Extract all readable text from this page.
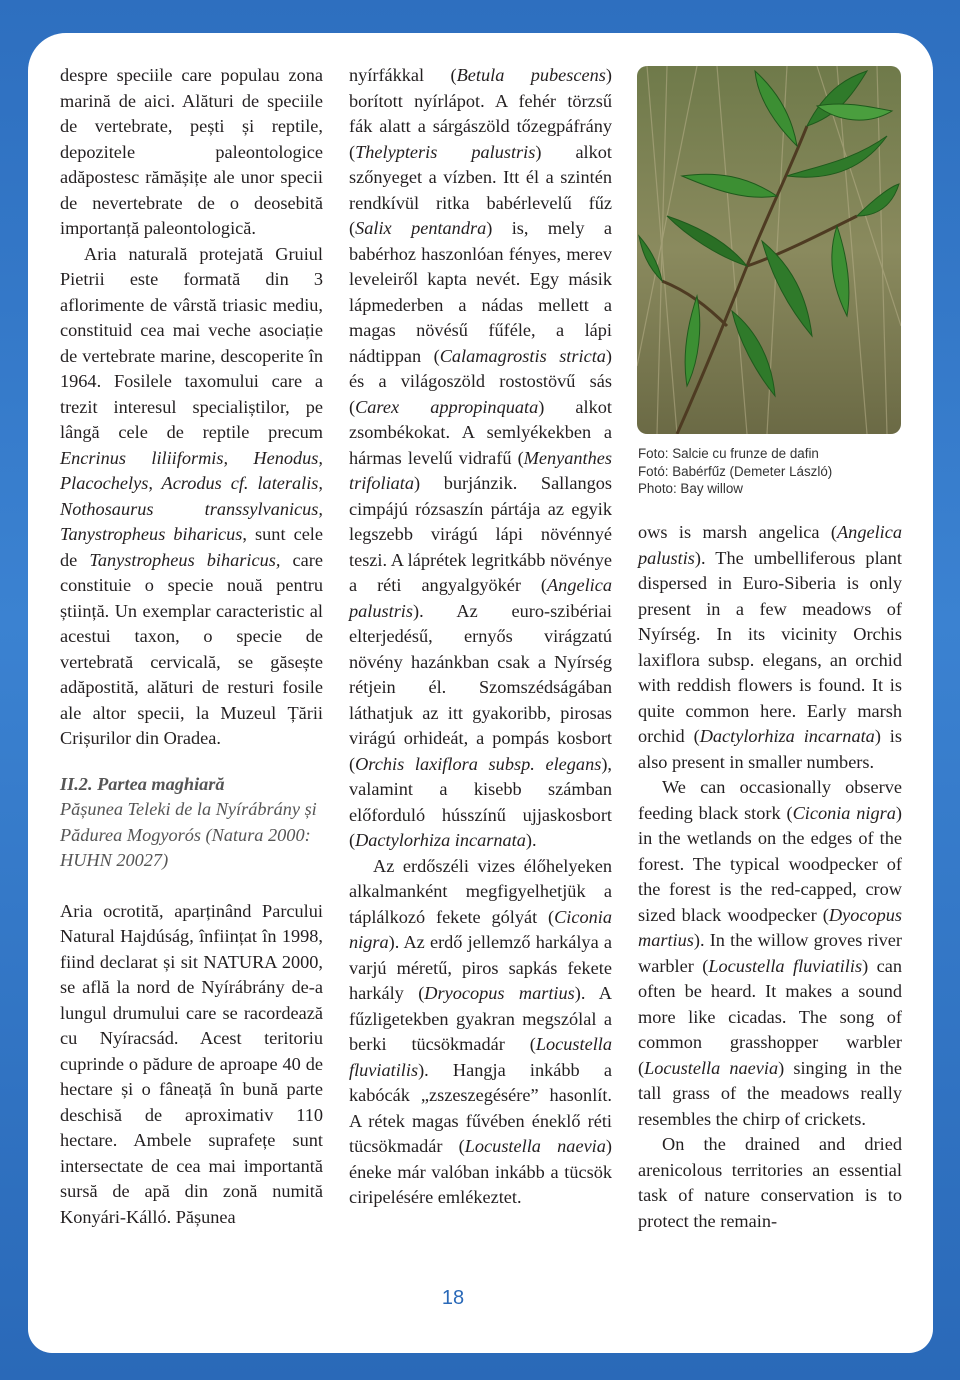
despre speciile care populau zona marină de aici. Alături de speciile de vertebrate, pești și reptile, depozitele paleontologice adăpostesc rămășițe ale unor specii de nevertebrate de o deosebită importanță paleontologică.

Aria naturală protejată Gruiul Pietrii este formată din 3 aflorimente de vârstă triasic mediu, constituid cea mai veche asociație de vertebrate marine, descoperite în 1964. Fosilele taxomului care a trezit interesul specialiștilor, pe lângă cele de reptile precum Encrinus liliiformis, Henodus, Placochelys, Acrodus cf. lateralis, Nothosaurus transsylvanicus, Tanystropheus biharicus, sunt cele de Tanystropheus biharicus, care constituie o specie nouă pentru știință. Un exemplar caracteristic al acestui taxon, o specie de vertebrată cervicală, se găsește adăpostită, alături de resturi fosile ale altor specii, la Muzeul Țării Crișurilor din Oradea.

II.2. Partea maghiară

Pășunea Teleki de la Nyírábrány și Pădurea Mogyorós (Natura 2000: HUHN 20027)

Aria ocrotită, aparținând Parcului Natural Hajdúság, înființat în 1998, fiind declarat și sit NATURA 2000, se află la nord de Nyírábrány de-a lungul drumului care se racordează cu Nyíracsád. Acest teritoriu cuprinde o pădure de aproape 40 de hectare și o fâneață în bună parte deschisă de aproximativ 110 hectare. Ambele suprafețe sunt intersectate de cea mai importantă sursă de apă din zonă numită Konyári-Kálló. Pășunea

nyírfákkal (Betula pubescens) borított nyírlápot. A fehér törzsű fák alatt a sárgászöld tőzegpáfrány (Thelypteris palustris) alkot szőnyeget a vízben. Itt él a szintén rendkívül ritka babérlevelű fűz (Salix pentandra) is, mely a babérhoz haszonlóan fényes, merev leveleiről kapta nevét. Egy másik lápmederben a nádas mellett a magas növésű fűféle, a lápi nádtippan (Calamagrostis stricta) és a világoszöld rostostövű sás (Carex appropinquata) alkot zsombékokat. A semlyékekben a hármas levelű vidrafű (Menyanthes trifoliata) burjánzik. Sallangos cimpájú rózsaszín pártája az egyik legszebb virágú lápi növénnyé teszi. A láprétek legritkább növénye a réti angyalgyökér (Angelica palustris). Az euro-szibériai elterjedésű, ernyős virágzatú növény hazánkban csak a Nyírség rétjein él. Szomszédságában láthatjuk az itt gyakoribb, pirosas virágú orhideát, a pompás kosbort (Orchis laxiflora subsp. elegans), valamint a kisebb számban előforduló hússzínű ujjaskosbort (Dactylorhiza incarnata).

Az erdőszéli vizes élőhelyeken alkalmanként megfigyelhetjük a táplálkozó fekete gólyát (Ciconia nigra). Az erdő jellemző harkálya a varjú méretű, piros sapkás fekete harkály (Dryocopus martius). A fűzligetekben gyakran megszólal a berki tücsökmadár (Locustella fluviatilis). Hangja inkább a kabócák „zszeszegésére” hasonlít. A rétek magas fűvében éneklő réti tücsökmadár (Locustella naevia) éneke már valóban inkább a tücsök ciripelésére emlékeztet.

Foto: Salcie cu frunze de dafin
Fotó: Babérfűz (Demeter László)
Photo: Bay willow

ows is marsh angelica (Angelica palustis). The umbelliferous plant dispersed in Euro-Siberia is only present in a few meadows of Nyírség. In its vicinity Orchis laxiflora subsp. elegans, an orchid with reddish flowers is found. It is quite common here. Early marsh orchid (Dactylorhiza incarnata) is also present in smaller numbers.

We can occasionally observe feeding black stork (Ciconia nigra) in the wetlands on the edges of the forest. The typical woodpecker of the forest is the red-capped, crow sized black woodpecker (Dyocopus martius). In the willow groves river warbler (Locustella fluviatilis) can often be heard. It makes a sound more like cicadas. The song of common grasshopper warbler (Locustella naevia) singing in the tall grass of the meadows really resembles the chirp of crickets.

On the drained and dried arenicolous territories an essential task of nature conservation is to protect the remain-

18
